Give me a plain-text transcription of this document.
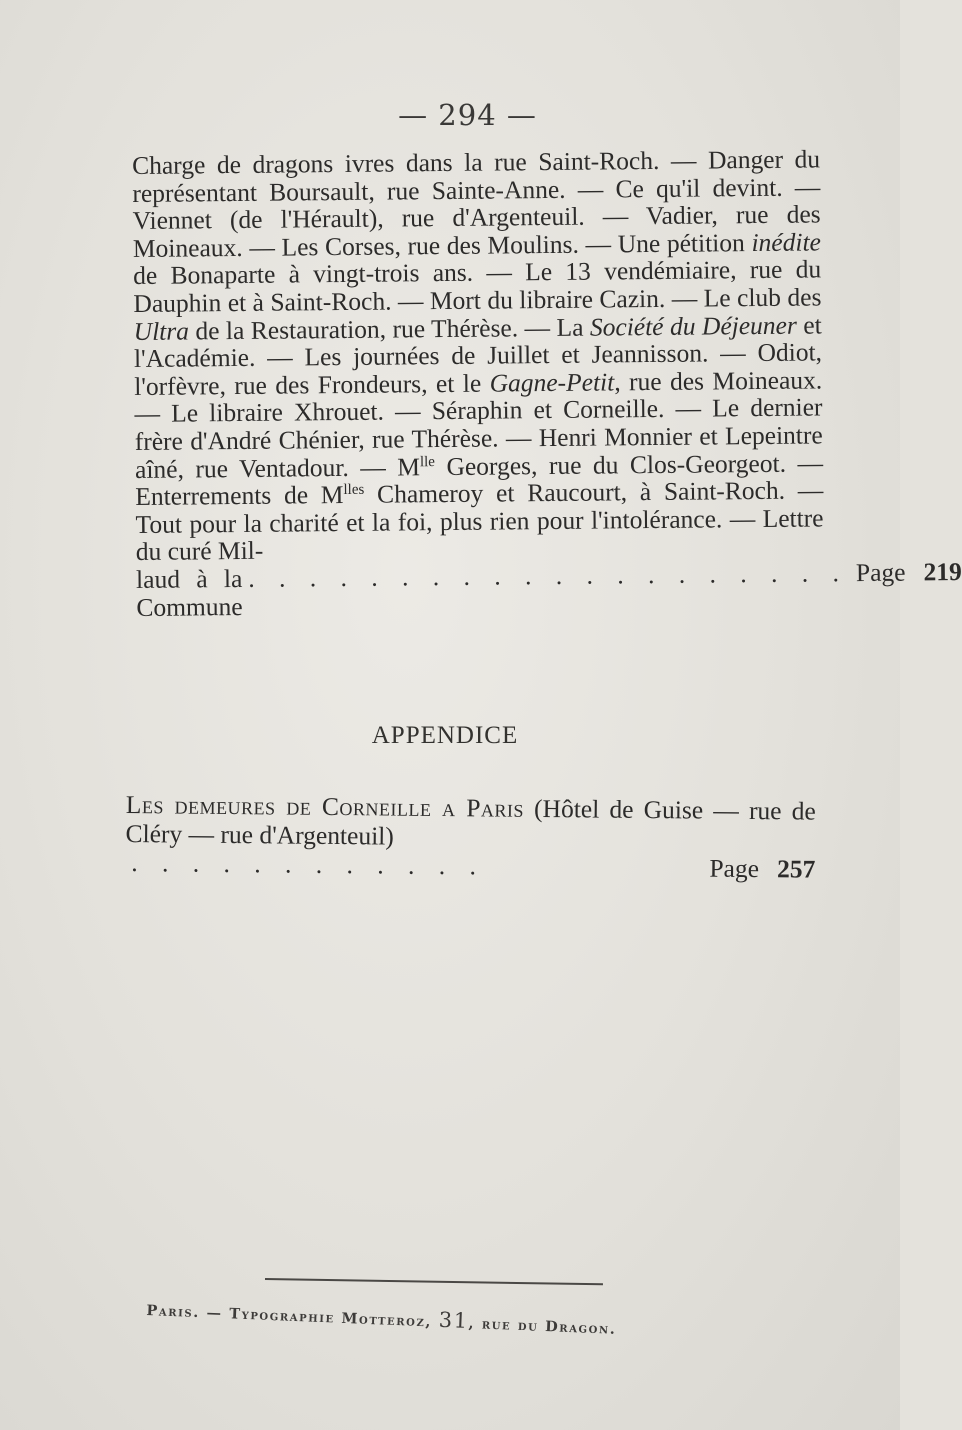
— 294 —

Charge de dragons ivres dans la rue Saint-Roch. — Danger du représentant Boursault, rue Sainte-Anne. — Ce qu'il devint. — Viennet (de l'Hérault), rue d'Argenteuil. — Vadier, rue des Moineaux. — Les Corses, rue des Moulins. — Une pétition inédite de Bonaparte à vingt-trois ans. — Le 13 vendémiaire, rue du Dauphin et à Saint-Roch. — Mort du libraire Cazin. — Le club des Ultra de la Restauration, rue Thérèse. — La Société du Déjeuner et l'Académie. — Les journées de Juillet et Jeannisson. — Odiot, l'orfèvre, rue des Frondeurs, et le Gagne-Petit, rue des Moineaux. — Le libraire Xhrouet. — Séraphin et Corneille. — Le dernier frère d'André Chénier, rue Thérèse. — Henri Monnier et Lepeintre aîné, rue Ventadour. — $M^{lle}$ Georges, rue du Clos-Georgeot. — Enterrements de $M^{lles}$ Chameroy et Raucourt, à Saint-Roch. — Tout pour la charité et la foi, plus rien pour l'intolérance. — Lettre du curé Mil-

laud à la Commune
. . . . . . . . . . . . . . . . . . . . Page 219
APPENDICE

Les demeures de Corneille a Paris (Hôtel de Guise — rue de Cléry — rue d'Argenteuil)

. . . . . . . . . . . .	Page 257
Paris. — Typographie Motteroz, 31, rue du Dragon.
